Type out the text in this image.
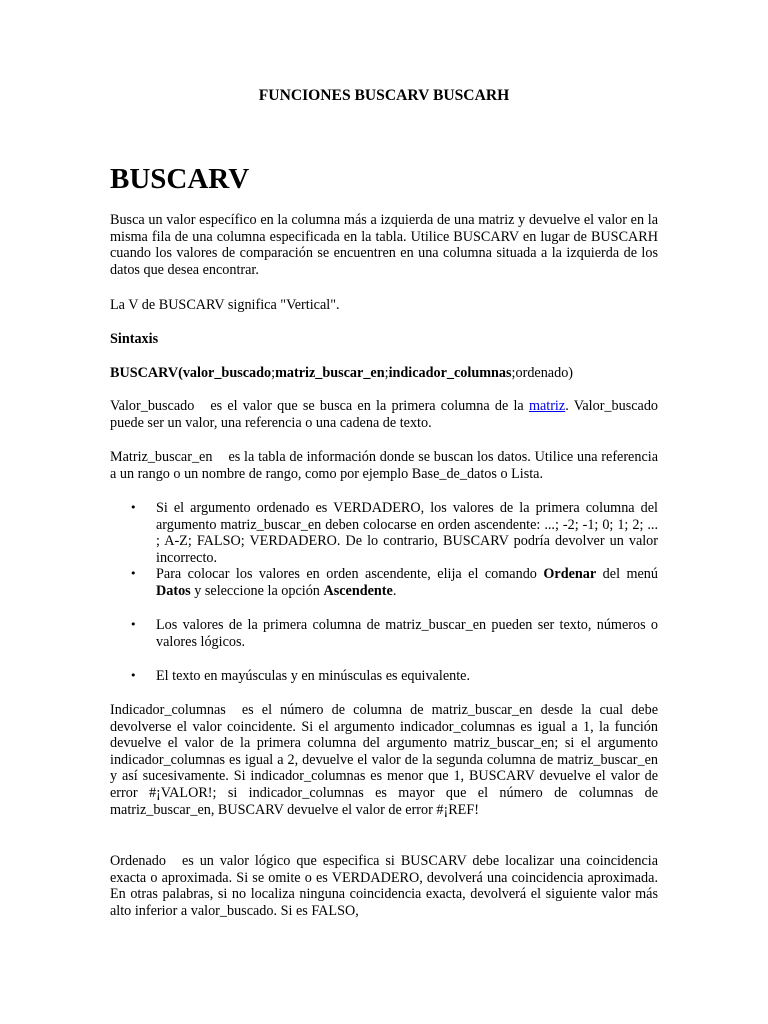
FUNCIONES BUSCARV BUSCARH

BUSCARV

Busca un valor específico en la columna más a izquierda de una matriz y devuelve el valor en la misma fila de una columna especificada en la tabla. Utilice BUSCARV en lugar de BUSCARH cuando los valores de comparación se encuentren en una columna situada a la izquierda de los datos que desea encontrar.

La V de BUSCARV significa "Vertical".

Sintaxis

BUSCARV(valor_buscado;matriz_buscar_en;indicador_columnas;ordenado)

Valor_buscado es el valor que se busca en la primera columna de la matriz. Valor_buscado puede ser un valor, una referencia o una cadena de texto.

Matriz_buscar_en es la tabla de información donde se buscan los datos. Utilice una referencia a un rango o un nombre de rango, como por ejemplo Base_de_datos o Lista.

• Si el argumento ordenado es VERDADERO, los valores de la primera columna del argumento matriz_buscar_en deben colocarse en orden ascendente: ...; -2; -1; 0; 1; 2; ... ; A-Z; FALSO; VERDADERO. De lo contrario, BUSCARV podría devolver un valor incorrecto.
• Para colocar los valores en orden ascendente, elija el comando Ordenar del menú Datos y seleccione la opción Ascendente.
• Los valores de la primera columna de matriz_buscar_en pueden ser texto, números o valores lógicos.
• El texto en mayúsculas y en minúsculas es equivalente.

Indicador_columnas es el número de columna de matriz_buscar_en desde la cual debe devolverse el valor coincidente. Si el argumento indicador_columnas es igual a 1, la función devuelve el valor de la primera columna del argumento matriz_buscar_en; si el argumento indicador_columnas es igual a 2, devuelve el valor de la segunda columna de matriz_buscar_en y así sucesivamente. Si indicador_columnas es menor que 1, BUSCARV devuelve el valor de error #¡VALOR!; si indicador_columnas es mayor que el número de columnas de matriz_buscar_en, BUSCARV devuelve el valor de error #¡REF!

Ordenado es un valor lógico que especifica si BUSCARV debe localizar una coincidencia exacta o aproximada. Si se omite o es VERDADERO, devolverá una coincidencia aproximada. En otras palabras, si no localiza ninguna coincidencia exacta, devolverá el siguiente valor más alto inferior a valor_buscado. Si es FALSO,
